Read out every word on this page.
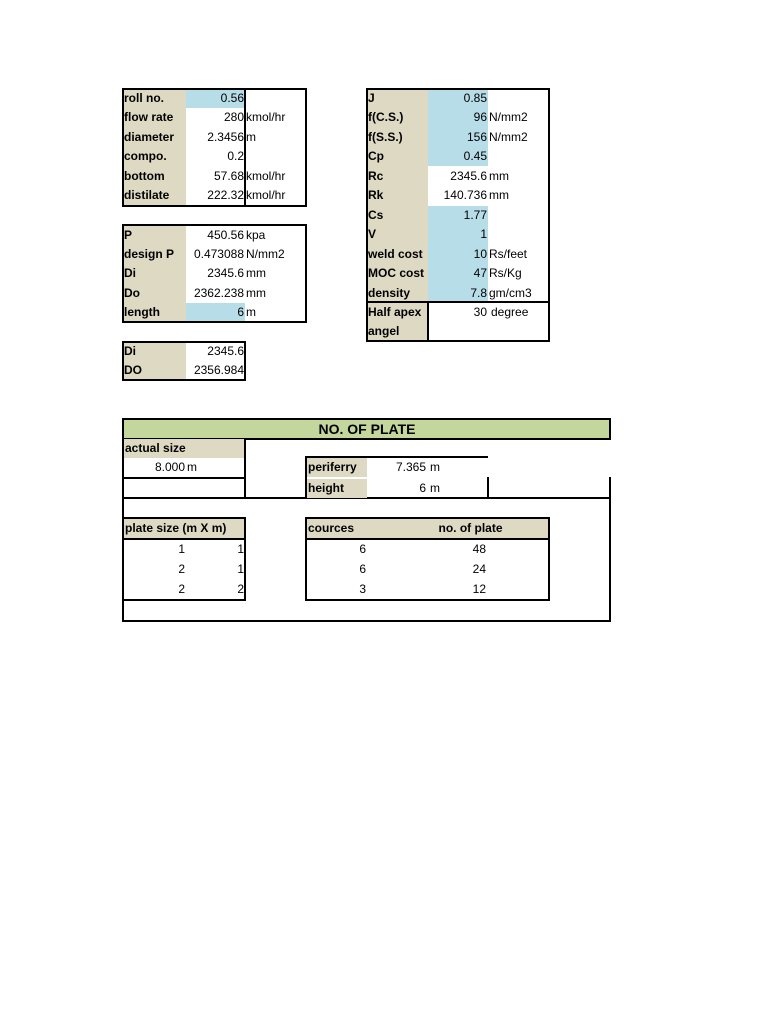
roll no.	0.56
flow rate	280 kmol/hr
diameter	2.3456 m
compo.	0.2
bottom	57.68 kmol/hr
distilate	222.32 kmol/hr
P	450.56 kpa
design P	0.473088 N/mm2
Di	2345.6 mm
Do	2362.238 mm
length	6 m
Di	2345.6
DO	2356.984
J	0.85
f(C.S.)	96 N/mm2
f(S.S.)	156 N/mm2
Cp	0.45
Rc	2345.6 mm
Rk	140.736 mm
Cs	1.77
V	1
weld cost	10 Rs/feet
MOC cost	47 Rs/Kg
density	7.8 gm/cm3
Half apex	30 degree
angel
NO. OF PLATE
actual size
8.000 m	periferry	7.365 m
height	6 m
plate size (m X m)
1	1
2	1
2	2
cources	no. of plate
6	48
6	24
3	12
